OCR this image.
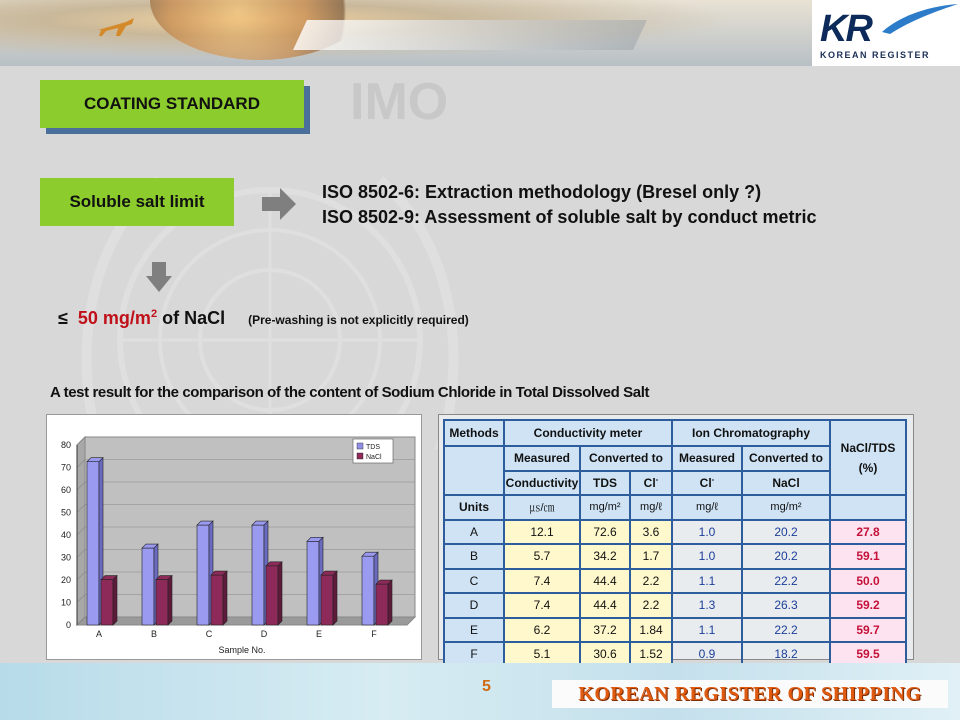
KR
KOREAN REGISTER
IMO
COATING STANDARD
Soluble salt limit	ISO 8502-6: Extraction methodology (Bresel only ?)
ISO 8502-9: Assessment of soluble salt by conduct metric
≤ 50 $mg/m^2$ of NaCl (Pre-washing is not explicitly required)
A test result for the comparison of the content of Sodium Chloride in Total Dissolved Salt
0
10
20
30
40
50
60
70
80
A	B	C	D	E	F
Sample No.
TDS
NaCl
Methods	Conductivity meter			Ion Chromatography		NaCl/TDS
(%)

	Measured	Converted to		Measured	Converted to	
	Conductivity	TDS	Cl-	Cl-	NaCl	
Units	㎲/㎝	mg/m²	mg/ℓ	mg/ℓ	mg/m²	
A	12.1	72.6	3.6	1.0	20.2	27.8
B	5.7	34.2	1.7	1.0	20.2	59.1
C	7.4	44.4	2.2	1.1	22.2	50.0
D	7.4	44.4	2.2	1.3	26.3	59.2
E	6.2	37.2	1.84	1.1	22.2	59.7
F	5.1	30.6	1.52	0.9	18.2	59.5
5	KOREAN REGISTER OF SHIPPING
